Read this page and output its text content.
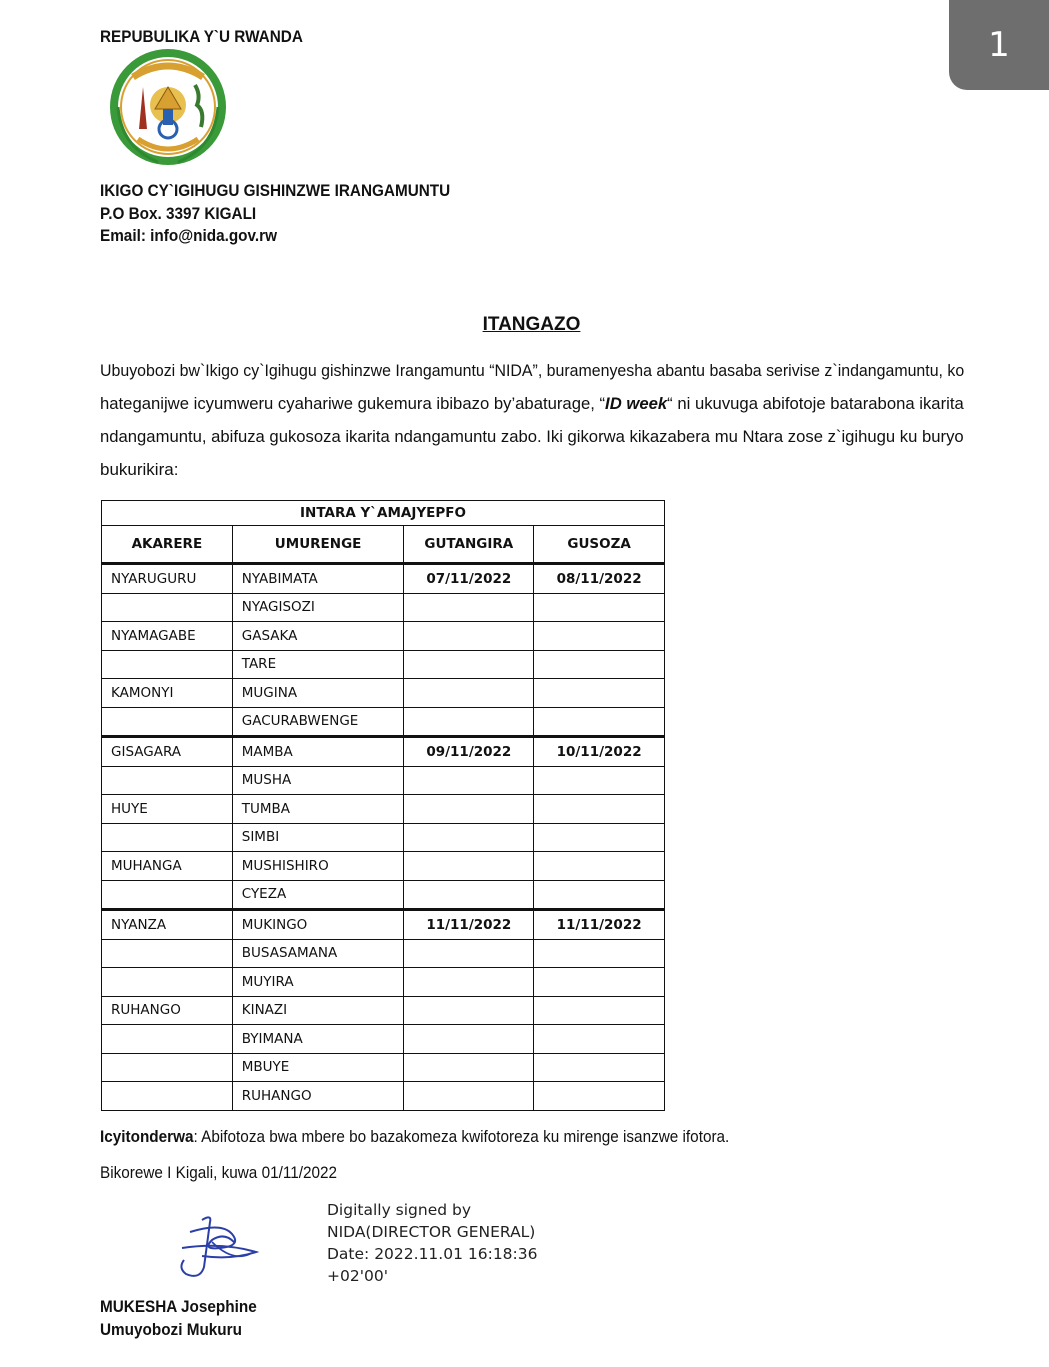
1
REPUBULIKA Y`U RWANDA
IKIGO CY`IGIHUGU GISHINZWE IRANGAMUNTU
P.O Box. 3397 KIGALI
Email: info@nida.gov.rw
ITANGAZO
Ubuyobozi bw`Ikigo cy`Igihugu gishinzwe Irangamuntu “NIDA”, buramenyesha abantu basaba serivise z`indangamuntu, ko
hateganijwe icyumweru cyahariwe gukemura ibibazo by’abaturage, “ID week“ ni ukuvuga abifotoje batarabona ikarita
ndangamuntu, abifuza gukosoza ikarita ndangamuntu zabo. Iki gikorwa kikazabera mu Ntara zose z`igihugu ku buryo
bukurikira:
INTARA Y`AMAJYEPFO			
AKARERE	UMURENGE	GUTANGIRA	GUSOZA
NYARUGURU	NYABIMATA	07/11/2022	08/11/2022
	NYAGISOZI		
NYAMAGABE	GASAKA		
	TARE		
KAMONYI	MUGINA		
	GACURABWENGE		
GISAGARA	MAMBA	09/11/2022	10/11/2022
	MUSHA		
HUYE	TUMBA		
	SIMBI		
MUHANGA	MUSHISHIRO		
	CYEZA		
NYANZA	MUKINGO	11/11/2022	11/11/2022
	BUSASAMANA		
	MUYIRA		
RUHANGO	KINAZI		
	BYIMANA		
	MBUYE		
	RUHANGO		
Icyitonderwa: Abifotoza bwa mbere bo bazakomeza kwifotoreza ku mirenge isanzwe ifotora.
Bikorewe I Kigali, kuwa 01/11/2022
Digitally signed by
NIDA(DIRECTOR GENERAL)
Date: 2022.11.01 16:18:36
+02'00'
MUKESHA Josephine
Umuyobozi Mukuru
